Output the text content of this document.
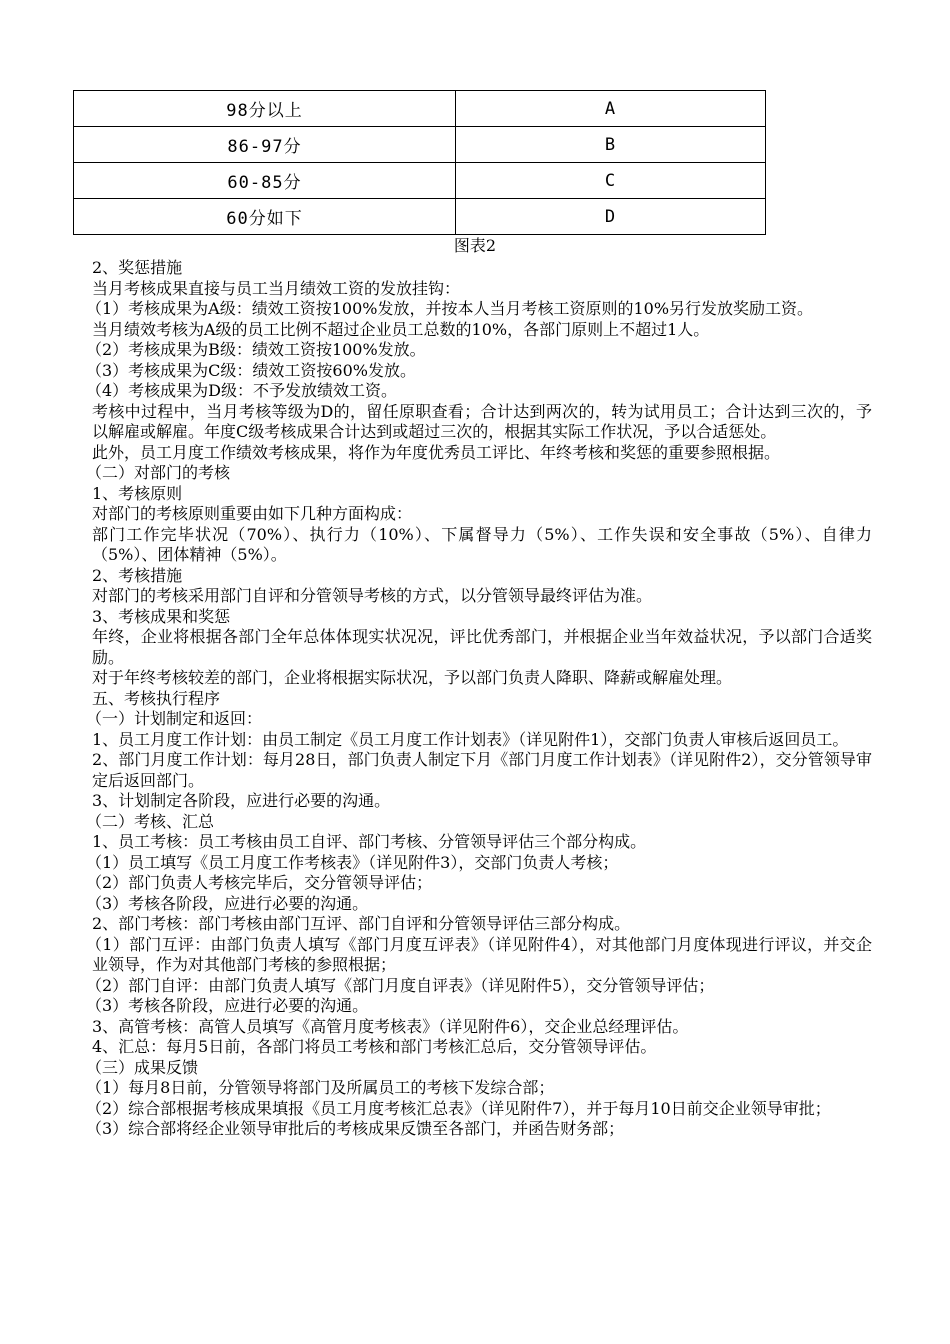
98分以上	A
86-97分	B
60-85分	C
60分如下	D
图表2

2、奖惩措施

当月考核成果直接与员工当月绩效工资的发放挂钩：

（1）考核成果为A级：绩效工资按100%发放，并按本人当月考核工资原则的10%另行发放奖励工资。

当月绩效考核为A级的员工比例不超过企业员工总数的10%，各部门原则上不超过1人。

（2）考核成果为B级：绩效工资按100%发放。

（3）考核成果为C级：绩效工资按60%发放。

（4）考核成果为D级：不予发放绩效工资。

考核中过程中，当月考核等级为D的，留任原职查看；合计达到两次的，转为试用员工；合计达到三次的，予以解雇或解雇。年度C级考核成果合计达到或超过三次的，根据其实际工作状况，予以合适惩处。

此外，员工月度工作绩效考核成果，将作为年度优秀员工评比、年终考核和奖惩的重要参照根据。

（二）对部门的考核

1、考核原则

对部门的考核原则重要由如下几种方面构成：

部门工作完毕状况（70%）、执行力（10%）、下属督导力（5%）、工作失误和安全事故（5%）、自律力（5%）、团体精神（5%）。

2、考核措施

对部门的考核采用部门自评和分管领导考核的方式，以分管领导最终评估为准。

3、考核成果和奖惩

年终，企业将根据各部门全年总体体现实状况况，评比优秀部门，并根据企业当年效益状况，予以部门合适奖励。

对于年终考核较差的部门，企业将根据实际状况，予以部门负责人降职、降薪或解雇处理。

五、考核执行程序

（一）计划制定和返回：

1、员工月度工作计划：由员工制定《员工月度工作计划表》（详见附件1），交部门负责人审核后返回员工。

2、部门月度工作计划：每月28日，部门负责人制定下月《部门月度工作计划表》（详见附件2），交分管领导审定后返回部门。

3、计划制定各阶段，应进行必要的沟通。

（二）考核、汇总

1、员工考核：员工考核由员工自评、部门考核、分管领导评估三个部分构成。

（1）员工填写《员工月度工作考核表》（详见附件3），交部门负责人考核；

（2）部门负责人考核完毕后，交分管领导评估；

（3）考核各阶段，应进行必要的沟通。

2、部门考核：部门考核由部门互评、部门自评和分管领导评估三部分构成。

（1）部门互评：由部门负责人填写《部门月度互评表》（详见附件4），对其他部门月度体现进行评议，并交企业领导，作为对其他部门考核的参照根据；

（2）部门自评：由部门负责人填写《部门月度自评表》（详见附件5），交分管领导评估；

（3）考核各阶段，应进行必要的沟通。

3、高管考核：高管人员填写《高管月度考核表》（详见附件6），交企业总经理评估。

4、汇总：每月5日前，各部门将员工考核和部门考核汇总后，交分管领导评估。

（三）成果反馈

（1）每月8日前，分管领导将部门及所属员工的考核下发综合部；

（2）综合部根据考核成果填报《员工月度考核汇总表》（详见附件7），并于每月10日前交企业领导审批；

（3）综合部将经企业领导审批后的考核成果反馈至各部门，并函告财务部；
